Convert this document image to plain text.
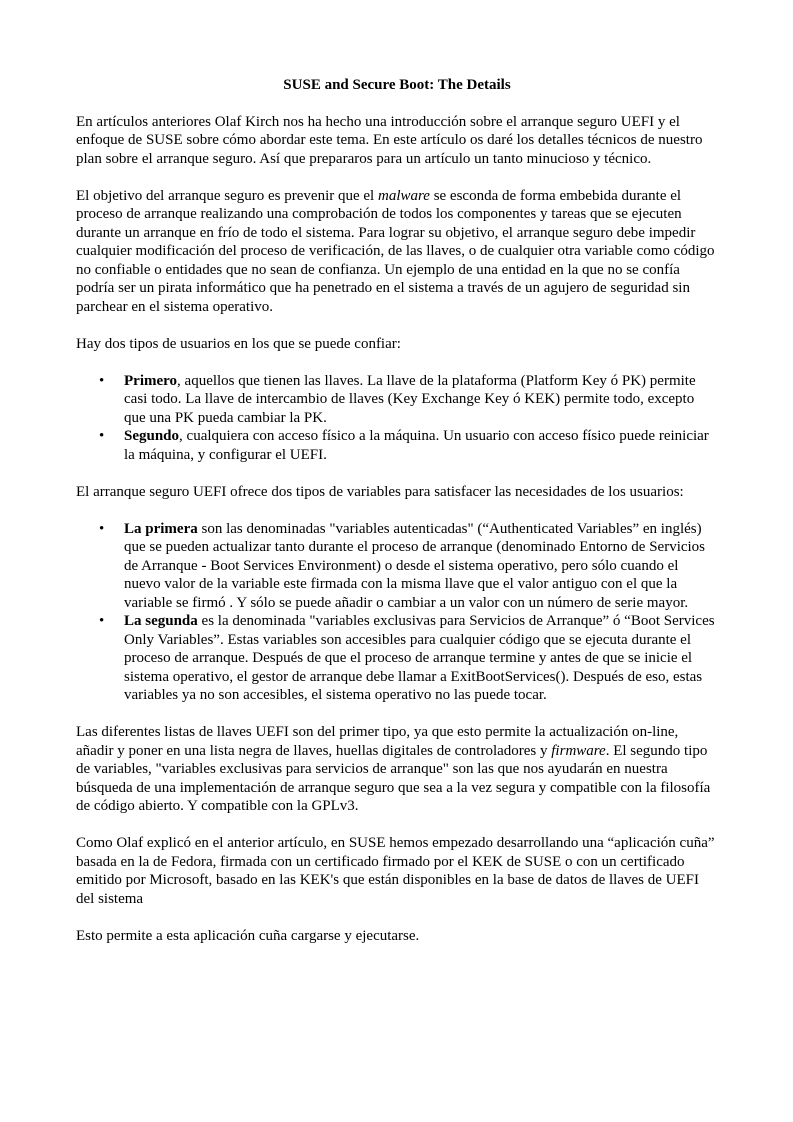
SUSE and Secure Boot: The Details

En artículos anteriores Olaf Kirch nos ha hecho una introducción sobre el arranque seguro UEFI y el enfoque de SUSE sobre cómo abordar este tema. En este artículo os daré los detalles técnicos de nuestro plan sobre el arranque seguro. Así que prepararos para un artículo un tanto minucioso y técnico.

El objetivo del arranque seguro es prevenir que el malware se esconda de forma embebida durante el proceso de arranque realizando una comprobación de todos los componentes y tareas que se ejecuten durante un arranque en frío de todo el sistema. Para lograr su objetivo, el arranque seguro debe impedir cualquier modificación del proceso de verificación, de las llaves, o de cualquier otra variable como código no confiable o entidades que no sean de confianza. Un ejemplo de una entidad en la que no se confía podría ser un pirata informático que ha penetrado en el sistema a través de un agujero de seguridad sin parchear en el sistema operativo.

Hay dos tipos de usuarios en los que se puede confiar:

• Primero, aquellos que tienen las llaves. La llave de la plataforma (Platform Key ó PK) permite casi todo. La llave de intercambio de llaves (Key Exchange Key ó KEK) permite todo, excepto que una PK pueda cambiar la PK.
• Segundo, cualquiera con acceso físico a la máquina. Un usuario con acceso físico puede reiniciar la máquina, y configurar el UEFI.

El arranque seguro UEFI ofrece dos tipos de variables para satisfacer las necesidades de los usuarios:

• La primera son las denominadas "variables autenticadas" (“Authenticated Variables” en inglés) que se pueden actualizar tanto durante el proceso de arranque (denominado Entorno de Servicios de Arranque - Boot Services Environment) o desde el sistema operativo, pero sólo cuando el nuevo valor de la variable este firmada con la misma llave que el valor antiguo con el que la variable se firmó . Y sólo se puede añadir o cambiar a un valor con un número de serie mayor.
• La segunda es la denominada "variables exclusivas para Servicios de Arranque” ó “Boot Services Only Variables”. Estas variables son accesibles para cualquier código que se ejecuta durante el proceso de arranque. Después de que el proceso de arranque termine y antes de que se inicie el sistema operativo, el gestor de arranque debe llamar a ExitBootServices(). Después de eso, estas variables ya no son accesibles, el sistema operativo no las puede tocar.

Las diferentes listas de llaves UEFI son del primer tipo, ya que esto permite la actualización on-line, añadir y poner en una lista negra de llaves, huellas digitales de controladores y firmware. El segundo tipo de variables, "variables exclusivas para servicios de arranque" son las que nos ayudarán en nuestra búsqueda de una implementación de arranque seguro que sea a la vez segura y compatible con la filosofía de código abierto. Y compatible con la GPLv3.

Como Olaf explicó en el anterior artículo, en SUSE hemos empezado desarrollando una “aplicación cuña” basada en la de Fedora, firmada con un certificado firmado por el KEK de SUSE o con un certificado emitido por Microsoft, basado en las KEK's que están disponibles en la base de datos de llaves de UEFI del sistema

Esto permite a esta aplicación cuña cargarse y ejecutarse.
